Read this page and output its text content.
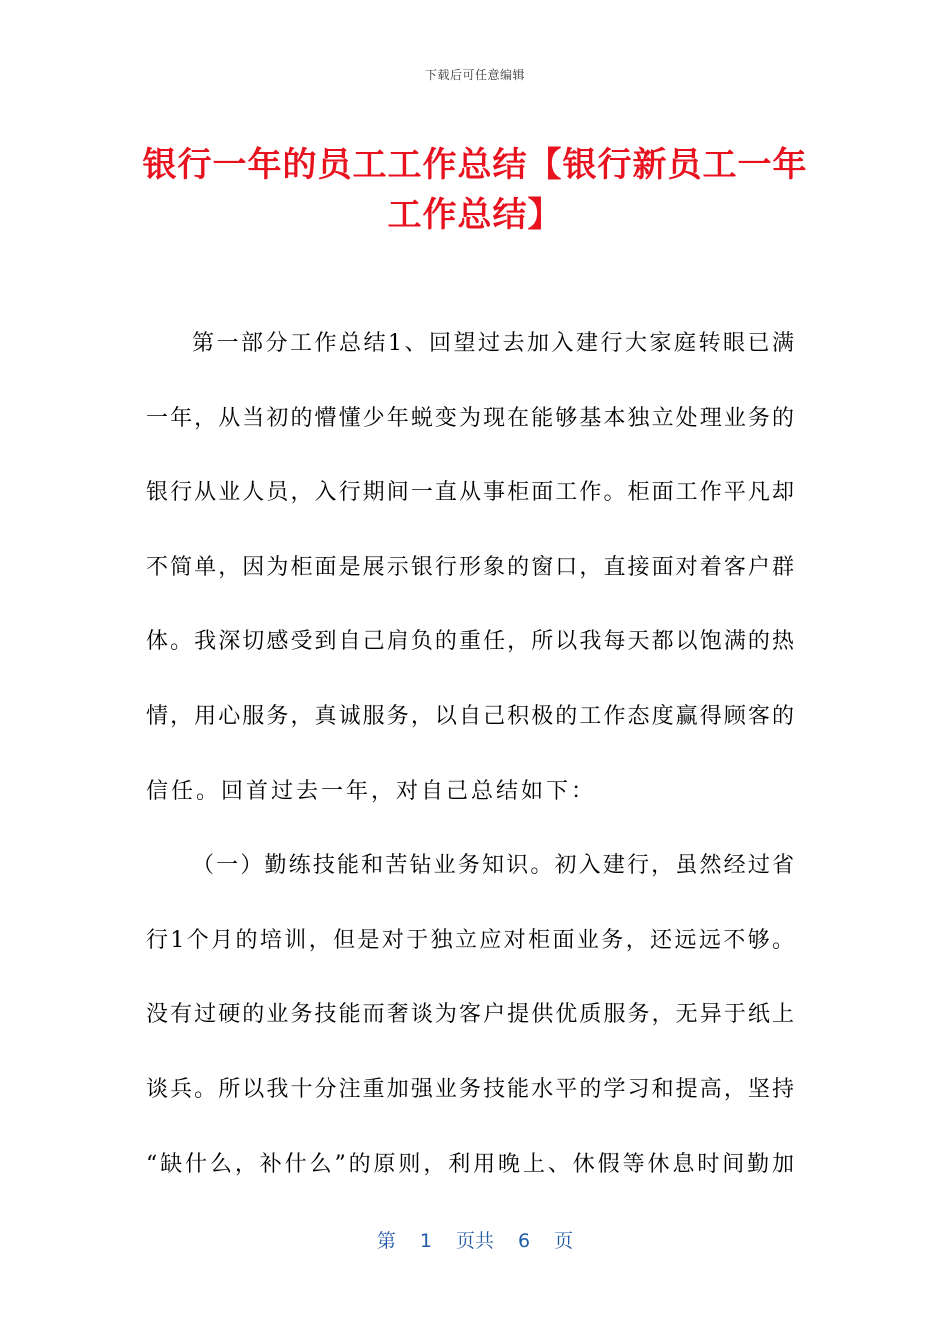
下载后可任意编辑
银行一年的员工工作总结【银行新员工一年
工作总结】
第一部分工作总结1、回望过去加入建行大家庭转眼已满
一年，从当初的懵懂少年蜕变为现在能够基本独立处理业务的
银行从业人员，入行期间一直从事柜面工作。柜面工作平凡却
不简单，因为柜面是展示银行形象的窗口，直接面对着客户群
体。我深切感受到自己肩负的重任，所以我每天都以饱满的热
情，用心服务，真诚服务，以自己积极的工作态度赢得顾客的
信任。回首过去一年，对自己总结如下：
（一）勤练技能和苦钻业务知识。初入建行，虽然经过省
行1个月的培训，但是对于独立应对柜面业务，还远远不够。
没有过硬的业务技能而奢谈为客户提供优质服务，无异于纸上
谈兵。所以我十分注重加强业务技能水平的学习和提高，坚持
“缺什么，补什么”的原则，利用晚上、休假等休息时间勤加
第 1 页共 6 页
